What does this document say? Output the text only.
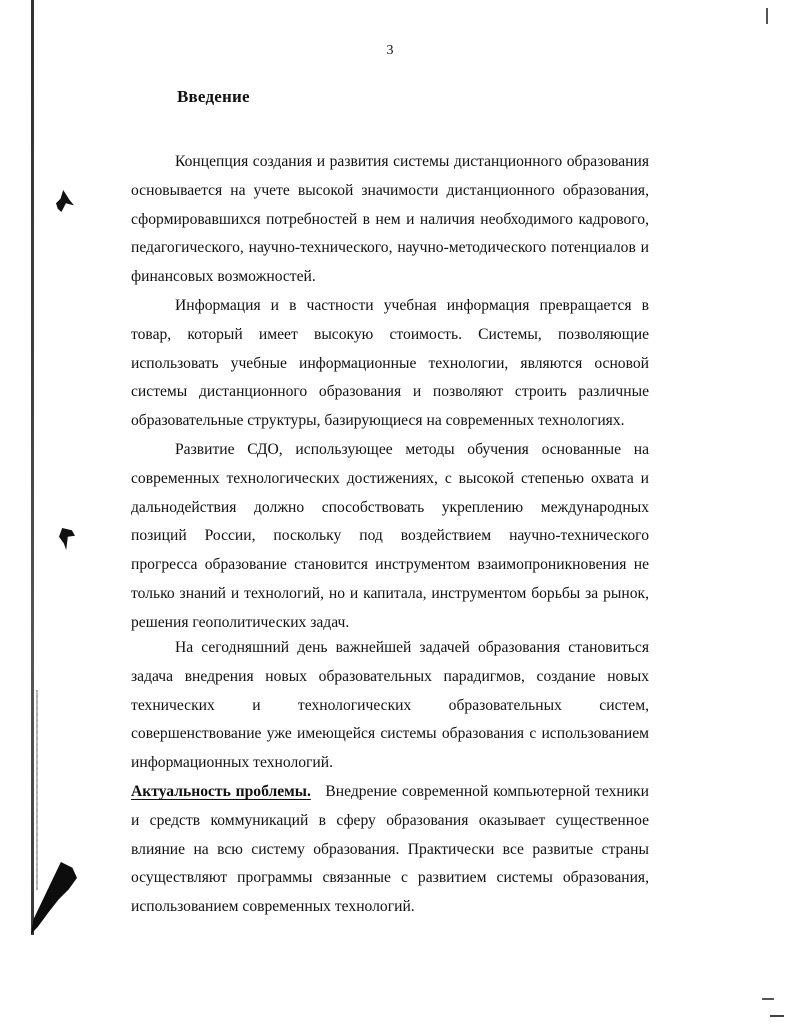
3
Введение

Концепция создания и развития системы дистанционного образования основывается на учете высокой значимости дистанционного образования, сформировавшихся потребностей в нем и наличия необходимого кадрового, педагогического, научно-технического, научно-методического потенциалов и финансовых возможностей.

Информация и в частности учебная информация превращается в товар, который имеет высокую стоимость. Системы, позволяющие использовать учебные информационные технологии, являются основой системы дистанционного образования и позволяют строить различные образовательные структуры, базирующиеся на современных технологиях.

Развитие СДО, использующее методы обучения основанные на современных технологических достижениях, с высокой степенью охвата и дальнодействия должно способствовать укреплению международных позиций России, поскольку под воздействием научно-технического прогресса образование становится инструментом взаимопроникновения не только знаний и технологий, но и капитала, инструментом борьбы за рынок, решения геополитических задач.

На сегодняшний день важнейшей задачей образования становиться задача внедрения новых образовательных парадигмов, создание новых технических и технологических образовательных систем, совершенствование уже имеющейся системы образования с использованием информационных технологий.

Актуальность проблемы. Внедрение современной компьютерной техники и средств коммуникаций в сферу образования оказывает существенное влияние на всю систему образования. Практически все развитые страны осуществляют программы связанные с развитием системы образования, использованием современных технологий.
